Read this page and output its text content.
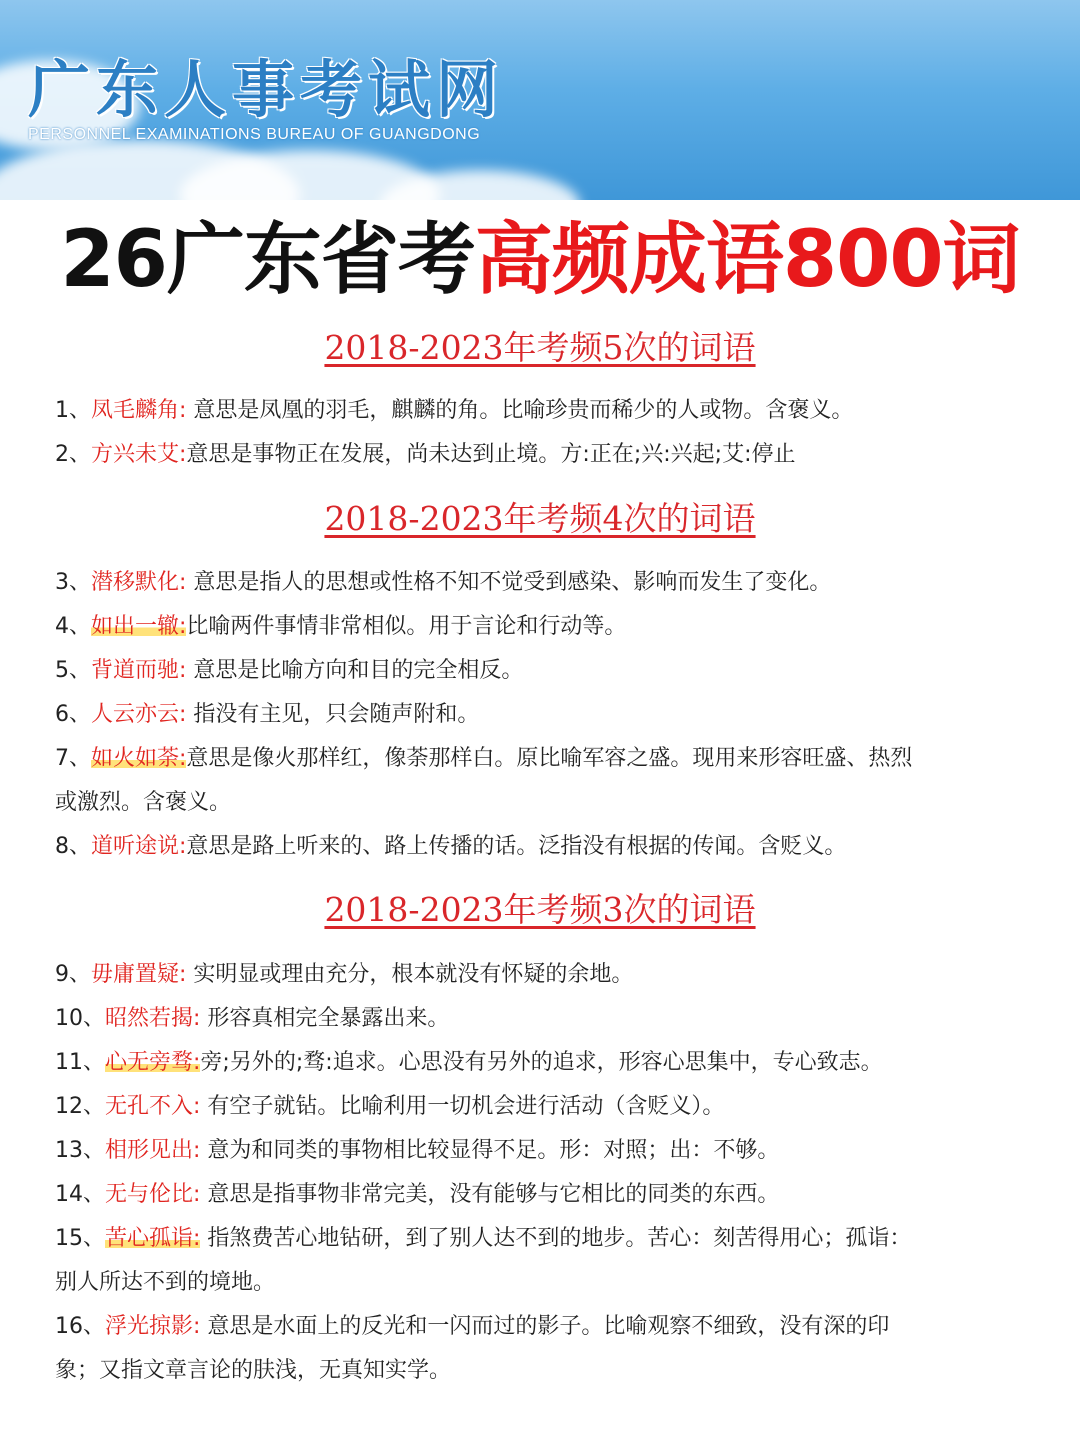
广东人事考试网
PERSONNEL EXAMINATIONS BUREAU OF GUANGDONG
26广东省考高频成语800词
2018-2023年考频5次的词语
1、凤毛麟角: 意思是凤凰的羽毛，麒麟的角。比喻珍贵而稀少的人或物。含褒义。
2、方兴未艾:意思是事物正在发展，尚未达到止境。方:正在;兴:兴起;艾:停止
2018-2023年考频4次的词语
3、潜移默化: 意思是指人的思想或性格不知不觉受到感染、影响而发生了变化。
4、如出一辙:比喻两件事情非常相似。用于言论和行动等。
5、背道而驰: 意思是比喻方向和目的完全相反。
6、人云亦云: 指没有主见，只会随声附和。
7、如火如荼:意思是像火那样红，像荼那样白。原比喻军容之盛。现用来形容旺盛、热烈
或激烈。含褒义。
8、道听途说:意思是路上听来的、路上传播的话。泛指没有根据的传闻。含贬义。
2018-2023年考频3次的词语
9、毋庸置疑: 实明显或理由充分，根本就没有怀疑的余地。
10、昭然若揭: 形容真相完全暴露出来。
11、心无旁骛:旁;另外的;骛:追求。心思没有另外的追求，形容心思集中，专心致志。
12、无孔不入: 有空子就钻。比喻利用一切机会进行活动（含贬义）。
13、相形见出: 意为和同类的事物相比较显得不足。形：对照；出：不够。
14、无与伦比: 意思是指事物非常完美，没有能够与它相比的同类的东西。
15、苦心孤诣: 指煞费苦心地钻研，到了别人达不到的地步。苦心：刻苦得用心；孤诣：
别人所达不到的境地。
16、浮光掠影: 意思是水面上的反光和一闪而过的影子。比喻观察不细致，没有深的印
象；又指文章言论的肤浅，无真知实学。
